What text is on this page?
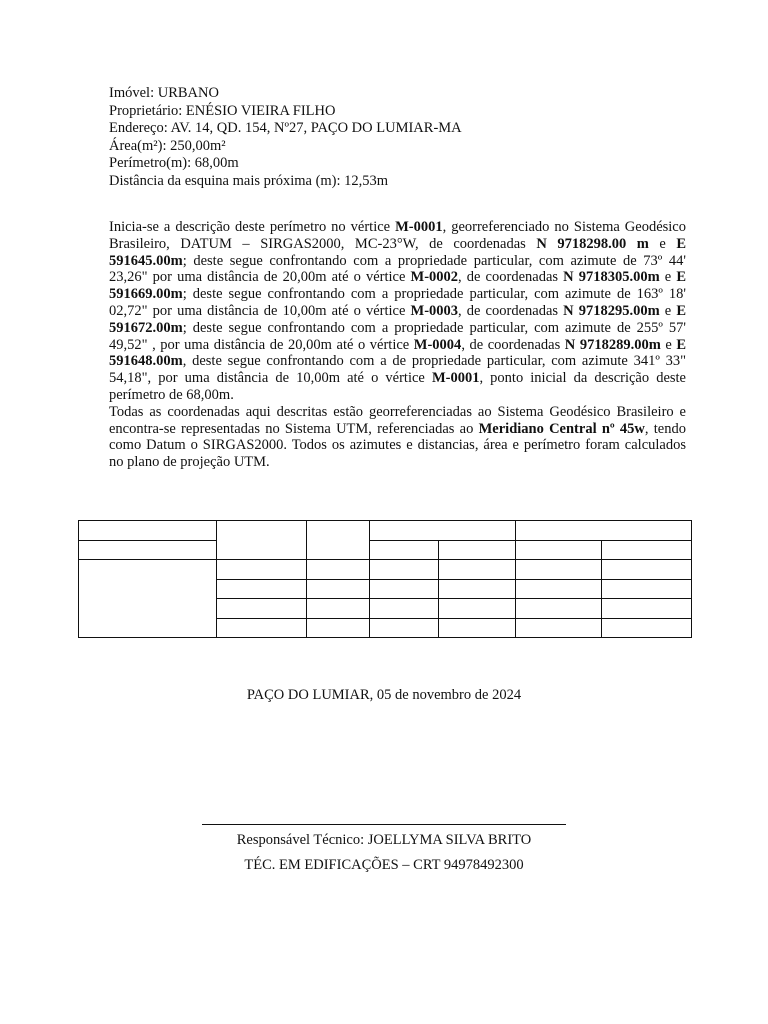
Imóvel: URBANO
Proprietário: ENÉSIO VIEIRA FILHO
Endereço: AV. 14, QD. 154, Nº27, PAÇO DO LUMIAR-MA
Área(m²): 250,00m²
Perímetro(m): 68,00m
Distância da esquina mais próxima (m): 12,53m

Inicia-se a descrição deste perímetro no vértice M-0001, georreferenciado no Sistema Geodésico Brasileiro, DATUM – SIRGAS2000, MC-23°W, de coordenadas N 9718298.00 m e E 591645.00m; deste segue confrontando com a propriedade particular, com azimute de 73º 44' 23,26" por uma distância de 20,00m até o vértice M-0002, de coordenadas N 9718305.00m e E 591669.00m; deste segue confrontando com a propriedade particular, com azimute de 163º 18' 02,72" por uma distância de 10,00m até o vértice M-0003, de coordenadas N 9718295.00m e E 591672.00m; deste segue confrontando com a propriedade particular, com azimute de 255º 57' 49,52" , por uma distância de 20,00m até o vértice M-0004, de coordenadas N 9718289.00m e E 591648.00m, deste segue confrontando com a de propriedade particular, com azimute 341º 33" 54,18", por uma distância de 10,00m até o vértice M-0001, ponto inicial da descrição deste perímetro de 68,00m.

Todas as coordenadas aqui descritas estão georreferenciadas ao Sistema Geodésico Brasileiro e encontra-se representadas no Sistema UTM, referenciadas ao Meridiano Central nº 45w, tendo como Datum o SIRGAS2000. Todos os azimutes e distancias, área e perímetro foram calculados no plano de projeção UTM.

PAÇO DO LUMIAR, 05 de novembro de 2024
Responsável Técnico: JOELLYMA SILVA BRITO
TÉC. EM EDIFICAÇÕES – CRT 94978492300
